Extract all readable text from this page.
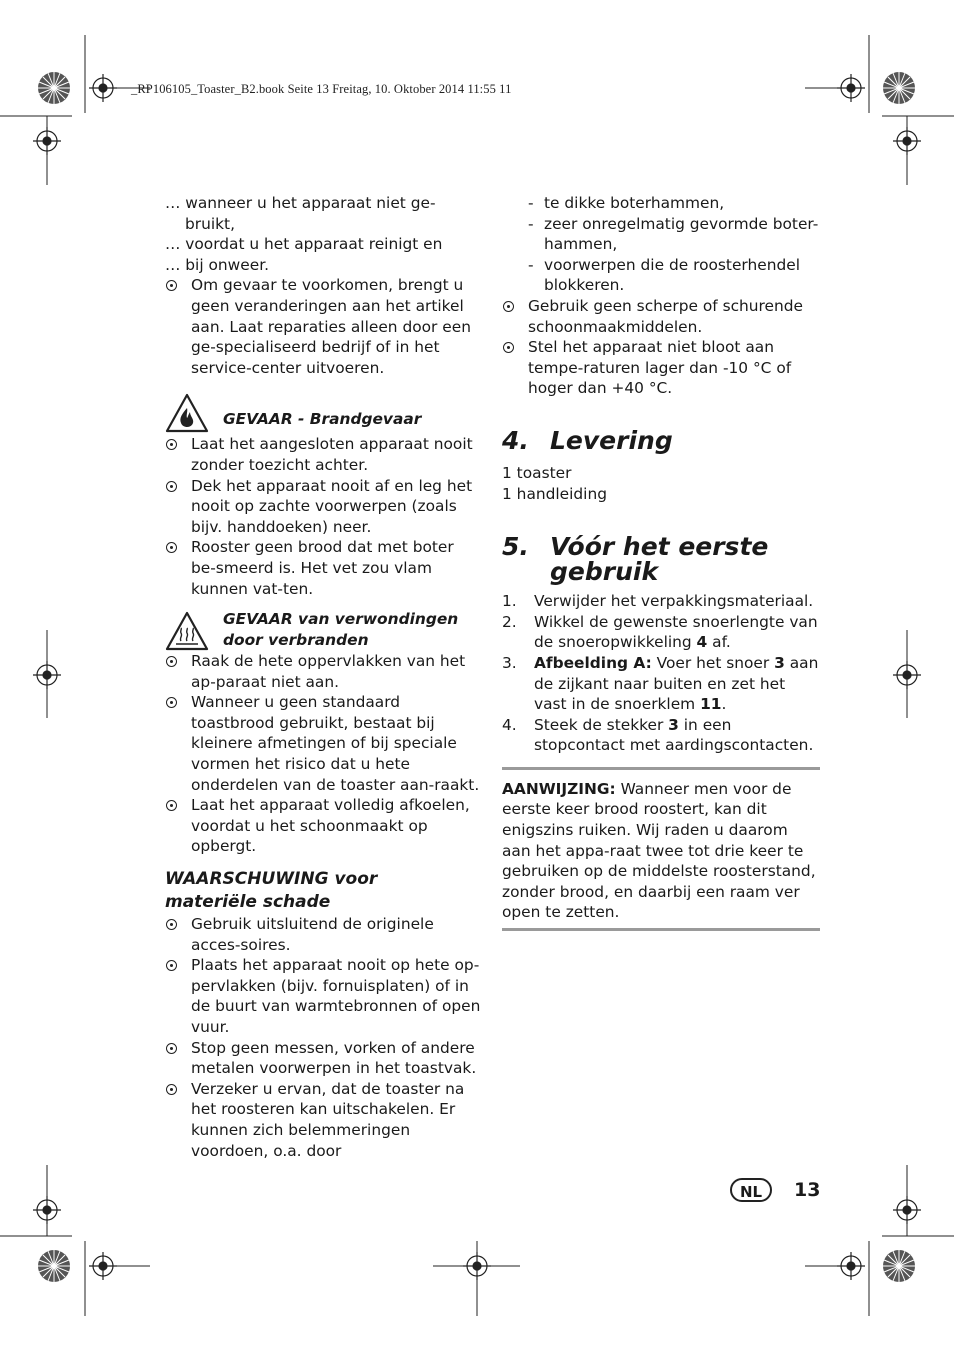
_RP106105_Toaster_B2.book Seite 13 Freitag, 10. Oktober 2014 11:55 11

… wanneer u het apparaat niet ge-

bruikt,

… voordat u het apparaat reinigt en

… bij onweer.

Om gevaar te voorkomen, brengt u geen veranderingen aan het artikel aan. Laat reparaties alleen door een ge-specialiseerd bedrijf of in het service-center uitvoeren.
GEVAAR - Brandgevaar
Laat het aangesloten apparaat nooit zonder toezicht achter.
Dek het apparaat nooit af en leg het nooit op zachte voorwerpen (zoals bijv. handdoeken) neer.
Rooster geen brood dat met boter be-smeerd is. Het vet zou vlam kunnen vat-ten.
GEVAAR van verwondingen
door verbranden
Raak de hete oppervlakken van het ap-paraat niet aan.
Wanneer u geen standaard toastbrood gebruikt, bestaat bij kleinere afmetingen of bij speciale vormen het risico dat u hete onderdelen van de toaster aan-raakt.
Laat het apparaat volledig afkoelen, voordat u het schoonmaakt op opbergt.
WAARSCHUWING voor
materiële schade
Gebruik uitsluitend de originele acces-soires.
Plaats het apparaat nooit op hete op-pervlakken (bijv. fornuisplaten) of in de buurt van warmtebronnen of open vuur.
Stop geen messen, vorken of andere metalen voorwerpen in het toastvak.
Verzeker u ervan, dat de toaster na het roosteren kan uitschakelen. Er kunnen zich belemmeringen voordoen, o.a. door
- te dikke boterhammen,
- zeer onregelmatig gevormde boter-hammen,
- voorwerpen die de roosterhendel blokkeren.
Gebruik geen scherpe of schurende schoonmaakmiddelen.
Stel het apparaat niet bloot aan tempe-raturen lager dan -10 °C of hoger dan +40 °C.
4. Levering

1 toaster

1 handleiding

5. Vóór het eerste
gebruik
1. Verwijder het verpakkingsmateriaal.
2. Wikkel de gewenste snoerlengte van de snoeropwikkeling 4 af.
3. Afbeelding A: Voer het snoer 3 aan de zijkant naar buiten en zet het vast in de snoerklem 11.
4. Steek de stekker 3 in een stopcontact met aardingscontacten.
AANWIJZING: Wanneer men voor de eerste keer brood roostert, kan dit enigszins ruiken. Wij raden u daarom aan het appa-raat twee tot drie keer te gebruiken op de middelste roosterstand, zonder brood, en daarbij een raam ver open te zetten.
NL	13
